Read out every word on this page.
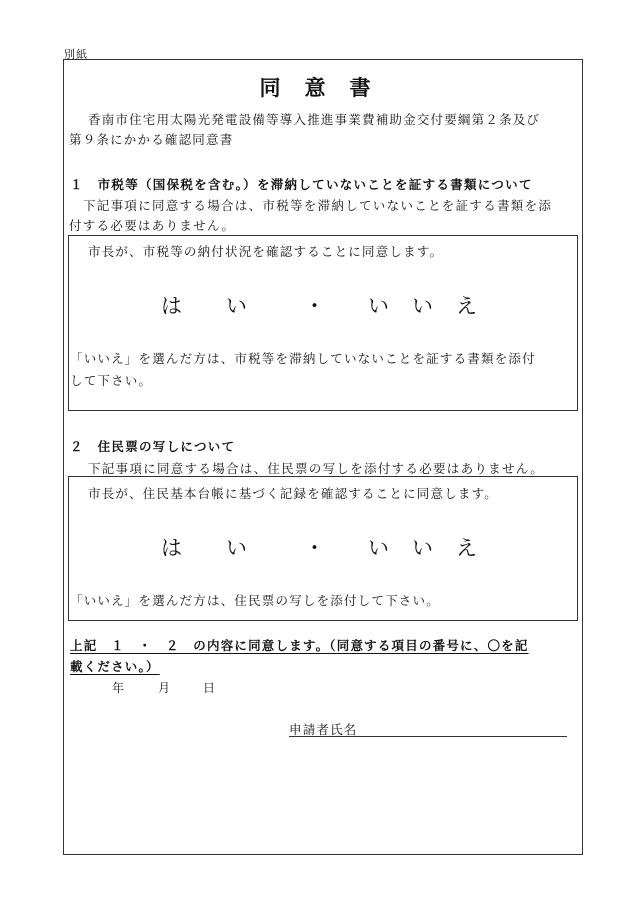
別紙
同意書
香南市住宅用太陽光発電設備等導入推進事業費補助金交付要綱第２条及び
第９条にかかる確認同意書
１　市税等（国保税を含む。）を滞納していないことを証する書類について
下記事項に同意する場合は、市税等を滞納していないことを証する書類を添
付する必要はありません。
市長が、市税等の納付状況を確認することに同意します。
はい ・ いいえ
「いいえ」を選んだ方は、市税等を滞納していないことを証する書類を添付
して下さい。
２　住民票の写しについて
下記事項に同意する場合は、住民票の写しを添付する必要はありません。
市長が、住民基本台帳に基づく記録を確認することに同意します。
はい ・ いいえ
「いいえ」を選んだ方は、住民票の写しを添付して下さい。
上記　１　・　２　の内容に同意します。（同意する項目の番号に、〇を記
載ください。）
年	月	日
申請者氏名
